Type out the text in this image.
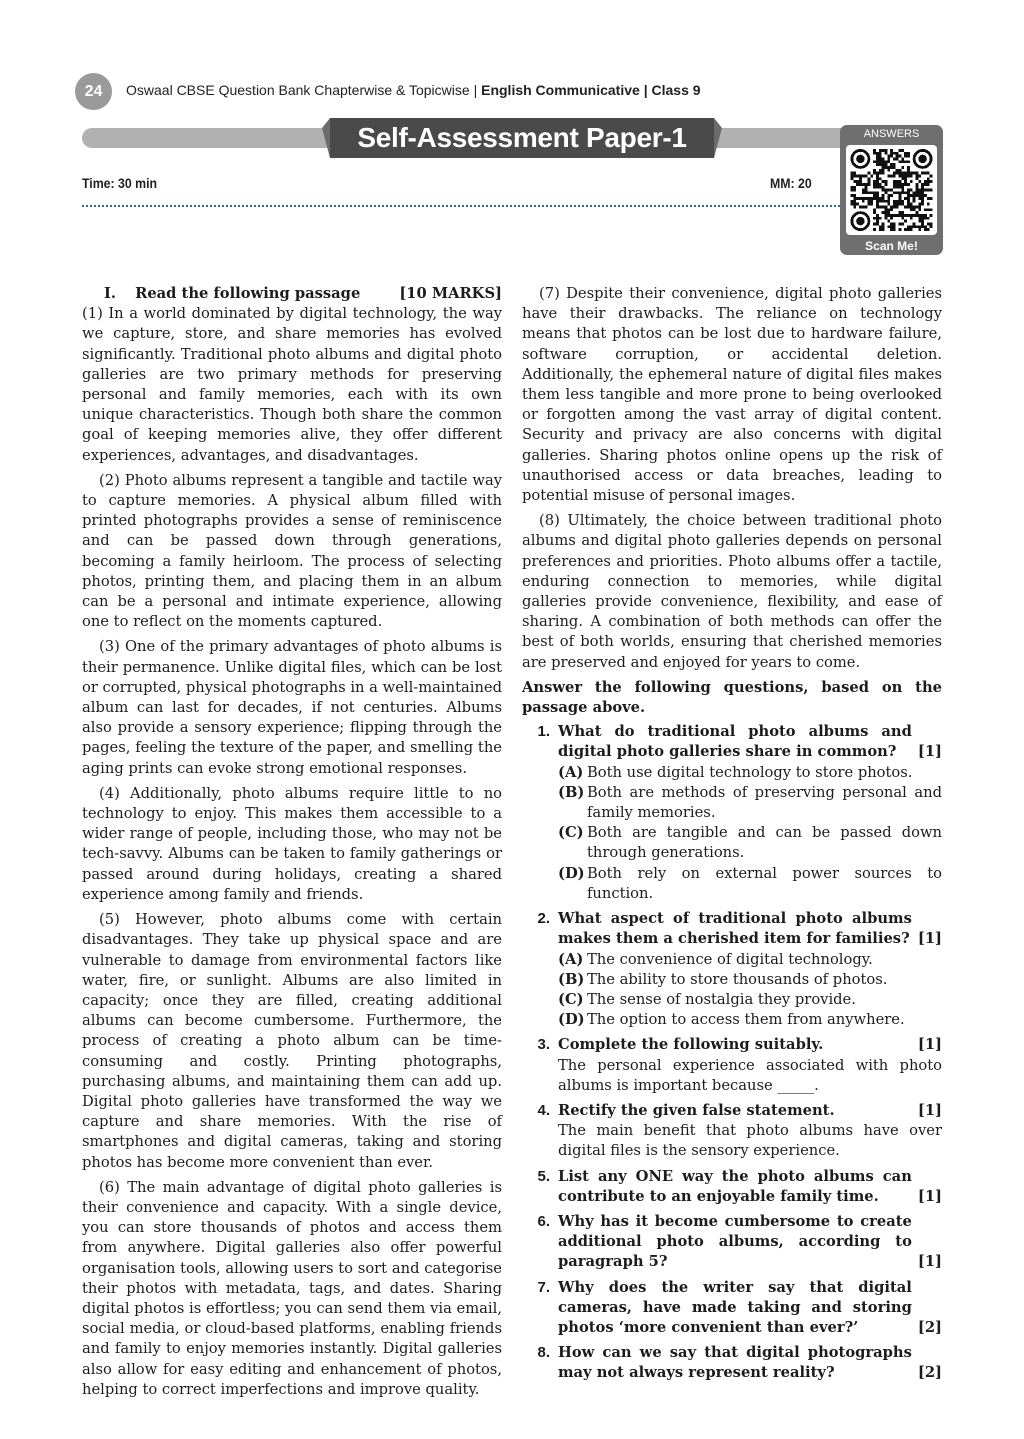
24 Oswaal CBSE Question Bank Chapterwise & Topicwise | English Communicative | Class 9
Self-Assessment Paper-1	ANSWERS
Scan Me!
Time: 30 min	MM: 20
I. Read the following passage	[10 MARKS]

(1) In a world dominated by digital technology, the way we capture, store, and share memories has evolved significantly. Traditional photo albums and digital photo galleries are two primary methods for preserving personal and family memories, each with its own unique characteristics. Though both share the common goal of keeping memories alive, they offer different experiences, advantages, and disadvantages.

(2) Photo albums represent a tangible and tactile way to capture memories. A physical album filled with printed photographs provides a sense of reminiscence and can be passed down through generations, becoming a family heirloom. The process of selecting photos, printing them, and placing them in an album can be a personal and intimate experience, allowing one to reflect on the moments captured.

(3) One of the primary advantages of photo albums is their permanence. Unlike digital files, which can be lost or corrupted, physical photographs in a well-maintained album can last for decades, if not centuries. Albums also provide a sensory experience; flipping through the pages, feeling the texture of the paper, and smelling the aging prints can evoke strong emotional responses.

(4) Additionally, photo albums require little to no technology to enjoy. This makes them accessible to a wider range of people, including those, who may not be tech-savvy. Albums can be taken to family gatherings or passed around during holidays, creating a shared experience among family and friends.

(5) However, photo albums come with certain disadvantages. They take up physical space and are vulnerable to damage from environmental factors like water, fire, or sunlight. Albums are also limited in capacity; once they are filled, creating additional albums can become cumbersome. Furthermore, the process of creating a photo album can be time-consuming and costly. Printing photographs, purchasing albums, and maintaining them can add up. Digital photo galleries have transformed the way we capture and share memories. With the rise of smartphones and digital cameras, taking and storing photos has become more convenient than ever.

(6) The main advantage of digital photo galleries is their convenience and capacity. With a single device, you can store thousands of photos and access them from anywhere. Digital galleries also offer powerful organisation tools, allowing users to sort and categorise their photos with metadata, tags, and dates. Sharing digital photos is effortless; you can send them via email, social media, or cloud-based platforms, enabling friends and family to enjoy memories instantly. Digital galleries also allow for easy editing and enhancement of photos, helping to correct imperfections and improve quality.

(7) Despite their convenience, digital photo galleries have their drawbacks. The reliance on technology means that photos can be lost due to hardware failure, software corruption, or accidental deletion. Additionally, the ephemeral nature of digital files makes them less tangible and more prone to being overlooked or forgotten among the vast array of digital content. Security and privacy are also concerns with digital galleries. Sharing photos online opens up the risk of unauthorised access or data breaches, leading to potential misuse of personal images.

(8) Ultimately, the choice between traditional photo albums and digital photo galleries depends on personal preferences and priorities. Photo albums offer a tactile, enduring connection to memories, while digital galleries provide convenience, flexibility, and ease of sharing. A combination of both methods can offer the best of both worlds, ensuring that cherished memories are preserved and enjoyed for years to come.

Answer the following questions, based on the passage above.

1. What do traditional photo albums and digital photo galleries share in common?	[1]
(A) Both use digital technology to store photos.
(B) Both are methods of preserving personal and family memories.
(C) Both are tangible and can be passed down through generations.
(D) Both rely on external power sources to function.
2. What aspect of traditional photo albums makes them a cherished item for families? [1]
(A) The convenience of digital technology.
(B) The ability to store thousands of photos.
(C) The sense of nostalgia they provide.
(D) The option to access them from anywhere.
3. Complete the following suitably.	[1]
The personal experience associated with photo albums is important because _____.
4. Rectify the given false statement.	[1]
The main benefit that photo albums have over digital files is the sensory experience.
5. List any ONE way the photo albums can contribute to an enjoyable family time.	[1]
6. Why has it become cumbersome to create additional photo albums, according to paragraph 5?	[1]
7. Why does the writer say that digital cameras, have made taking and storing photos ‘more convenient than ever?’	[2]
8. How can we say that digital photographs may not always represent reality?	[2]
